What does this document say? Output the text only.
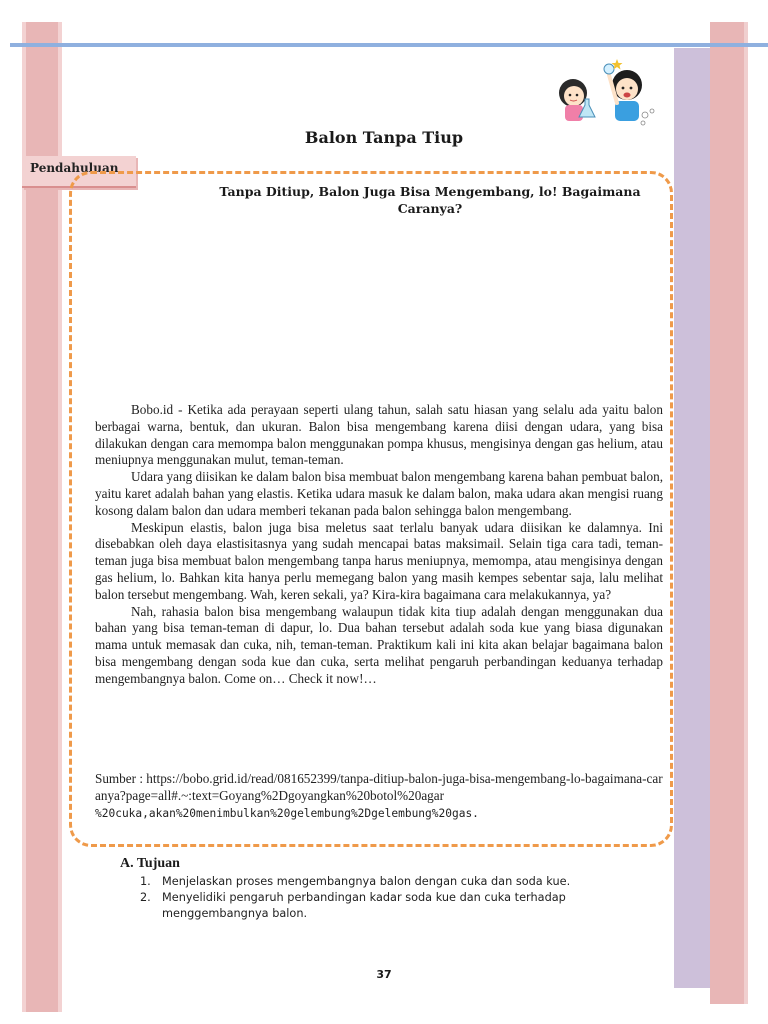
Balon Tanpa Tiup
Pendahuluan
Tanpa Ditiup, Balon Juga Bisa Mengembang, lo! Bagaimana
Caranya?

Bobo.id - Ketika ada perayaan seperti ulang tahun, salah satu hiasan yang selalu ada yaitu balon berbagai warna, bentuk, dan ukuran. Balon bisa mengembang karena diisi dengan udara, yang bisa dilakukan dengan cara memompa balon menggunakan pompa khusus, mengisinya dengan gas helium, atau meniupnya menggunakan mulut, teman-teman.

Udara yang diisikan ke dalam balon bisa membuat balon mengembang karena bahan pembuat balon, yaitu karet adalah bahan yang elastis. Ketika udara masuk ke dalam balon, maka udara akan mengisi ruang kosong dalam balon dan udara memberi tekanan pada balon sehingga balon mengembang.

Meskipun elastis, balon juga bisa meletus saat terlalu banyak udara diisikan ke dalamnya. Ini disebabkan oleh daya elastisitasnya yang sudah mencapai batas maksimail. Selain tiga cara tadi, teman-teman juga bisa membuat balon mengembang tanpa harus meniupnya, memompa, atau mengisinya dengan gas helium, lo. Bahkan kita hanya perlu memegang balon yang masih kempes sebentar saja, lalu melihat balon tersebut mengembang. Wah, keren sekali, ya? Kira-kira bagaimana cara melakukannya, ya?

Nah, rahasia balon bisa mengembang walaupun tidak kita tiup adalah dengan menggunakan dua bahan yang bisa teman-teman di dapur, lo. Dua bahan tersebut adalah soda kue yang biasa digunakan mama untuk memasak dan cuka, nih, teman-teman. Praktikum kali ini kita akan belajar bagaimana balon bisa mengembang dengan soda kue dan cuka, serta melihat pengaruh perbandingan keduanya terhadap mengembangnya balon. Come on… Check it now!…

Sumber : https://bobo.grid.id/read/081652399/tanpa-ditiup-balon-juga-bisa-mengembang-lo-bagaimana-caranya?page=all#.~:text=Goyang%2Dgoyangkan%20botol%20agar
%20cuka,akan%20menimbulkan%20gelembung%2Dgelembung%20gas.
A. Tujuan
1. Menjelaskan proses mengembangnya balon dengan cuka dan soda kue.
2. Menyelidiki pengaruh perbandingan kadar soda kue dan cuka terhadap menggembangnya balon.
37
